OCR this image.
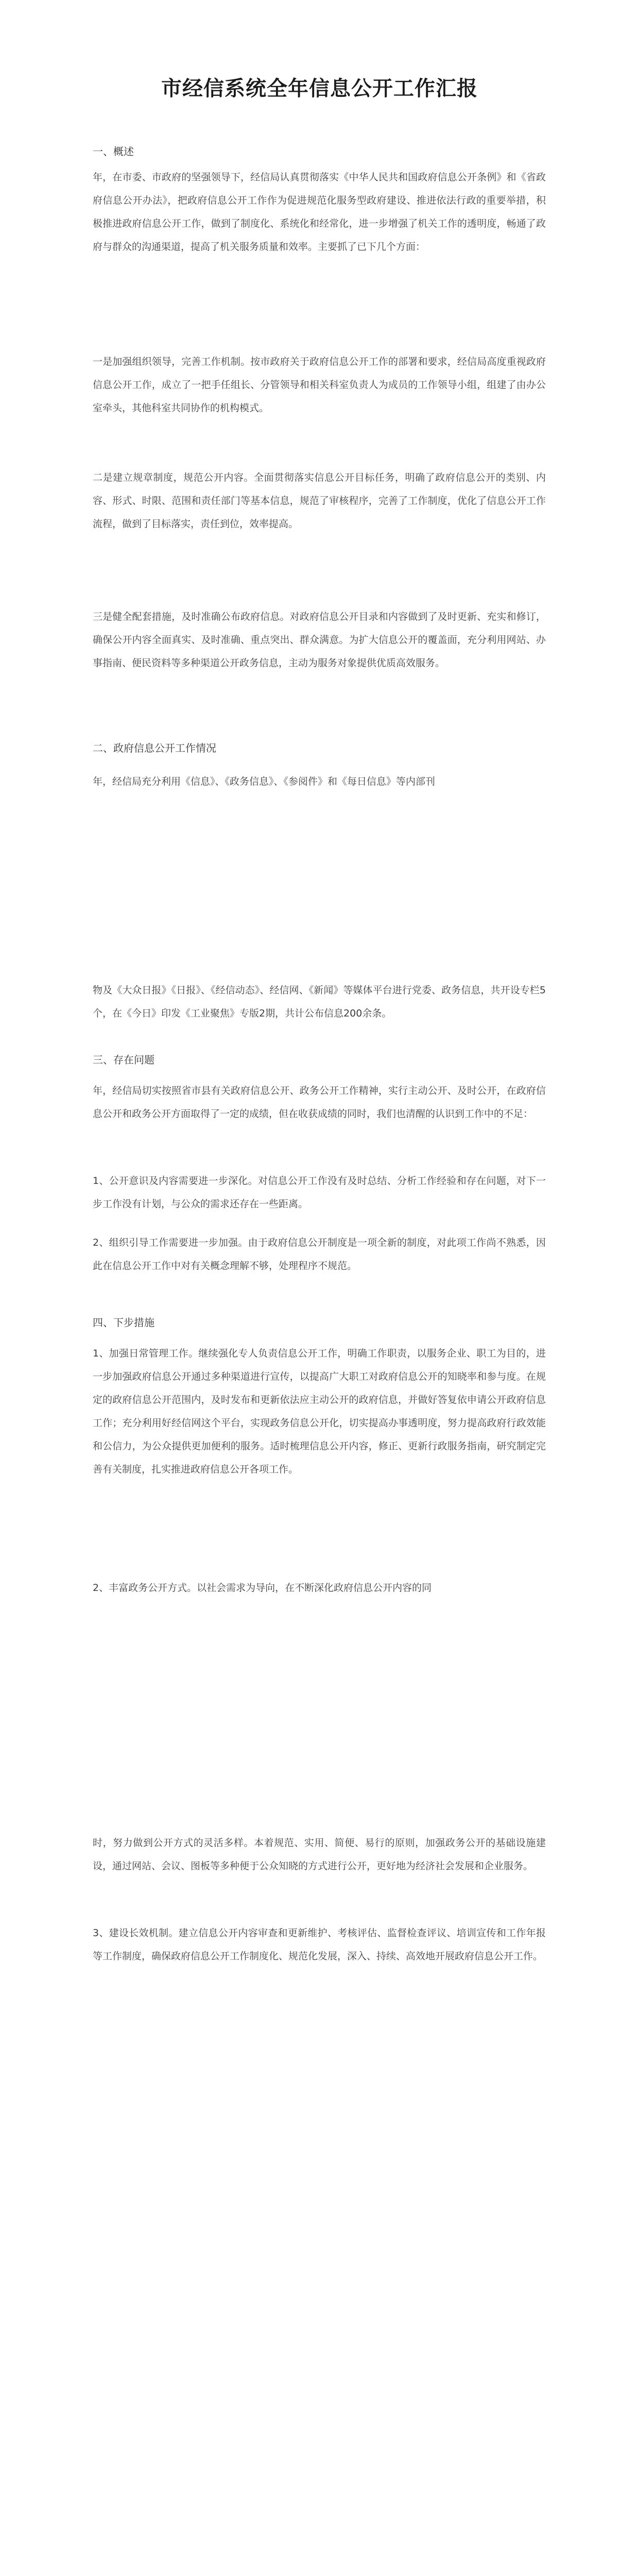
市经信系统全年信息公开工作汇报

一、概述

年，在市委、市政府的坚强领导下，经信局认真贯彻落实《中华人民共和国政府信息公开条例》和《省政府信息公开办法》，把政府信息公开工作作为促进规范化服务型政府建设、推进依法行政的重要举措，积极推进政府信息公开工作，做到了制度化、系统化和经常化，进一步增强了机关工作的透明度，畅通了政府与群众的沟通渠道，提高了机关服务质量和效率。主要抓了已下几个方面：

一是加强组织领导，完善工作机制。按市政府关于政府信息公开工作的部署和要求，经信局高度重视政府信息公开工作，成立了一把手任组长、分管领导和相关科室负责人为成员的工作领导小组，组建了由办公室牵头，其他科室共同协作的机构模式。

二是建立规章制度，规范公开内容。全面贯彻落实信息公开目标任务，明确了政府信息公开的类别、内容、形式、时限、范围和责任部门等基本信息，规范了审核程序，完善了工作制度，优化了信息公开工作流程，做到了目标落实，责任到位，效率提高。

三是健全配套措施，及时准确公布政府信息。对政府信息公开目录和内容做到了及时更新、充实和修订，确保公开内容全面真实、及时准确、重点突出、群众满意。为扩大信息公开的覆盖面，充分利用网站、办事指南、便民资料等多种渠道公开政务信息，主动为服务对象提供优质高效服务。

二、政府信息公开工作情况

年，经信局充分利用《信息》、《政务信息》、《参阅件》和《每日信息》等内部刊

物及《大众日报》《日报》、《经信动态》、经信网、《新闻》等媒体平台进行党委、政务信息，共开设专栏5个，在《今日》印发《工业聚焦》专版2期，共计公布信息200余条。

三、存在问题

年，经信局切实按照省市县有关政府信息公开、政务公开工作精神，实行主动公开、及时公开，在政府信息公开和政务公开方面取得了一定的成绩，但在收获成绩的同时，我们也清醒的认识到工作中的不足：

1、公开意识及内容需要进一步深化。对信息公开工作没有及时总结、分析工作经验和存在问题，对下一步工作没有计划，与公众的需求还存在一些距离。

2、组织引导工作需要进一步加强。由于政府信息公开制度是一项全新的制度，对此项工作尚不熟悉，因此在信息公开工作中对有关概念理解不够，处理程序不规范。

四、下步措施

1、加强日常管理工作。继续强化专人负责信息公开工作，明确工作职责，以服务企业、职工为目的，进一步加强政府信息公开通过多种渠道进行宣传，以提高广大职工对政府信息公开的知晓率和参与度。在规定的政府信息公开范围内，及时发布和更新依法应主动公开的政府信息，并做好答复依申请公开政府信息工作；充分利用好经信网这个平台，实现政务信息公开化，切实提高办事透明度，努力提高政府行政效能和公信力，为公众提供更加便利的服务。适时梳理信息公开内容，修正、更新行政服务指南，研究制定完善有关制度，扎实推进政府信息公开各项工作。

2、丰富政务公开方式。以社会需求为导向，在不断深化政府信息公开内容的同

时，努力做到公开方式的灵活多样。本着规范、实用、简便、易行的原则，加强政务公开的基础设施建设，通过网站、会议、图板等多种便于公众知晓的方式进行公开，更好地为经济社会发展和企业服务。

3、建设长效机制。建立信息公开内容审查和更新维护、考核评估、监督检查评议、培训宣传和工作年报等工作制度，确保政府信息公开工作制度化、规范化发展，深入、持续、高效地开展政府信息公开工作。
